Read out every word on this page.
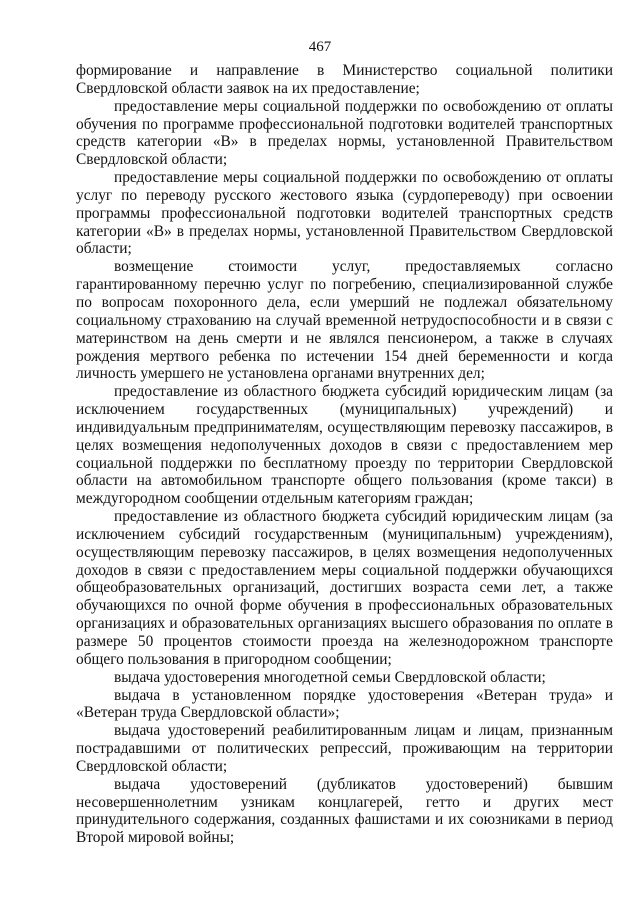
467

формирование и направление в Министерство социальной политики Свердловской области заявок на их предоставление;

предоставление меры социальной поддержки по освобождению от оплаты обучения по программе профессиональной подготовки водителей транспортных средств категории «В» в пределах нормы, установленной Правительством Свердловской области;

предоставление меры социальной поддержки по освобождению от оплаты услуг по переводу русского жестового языка (сурдопереводу) при освоении программы профессиональной подготовки водителей транспортных средств категории «В» в пределах нормы, установленной Правительством Свердловской области;

возмещение стоимости услуг, предоставляемых согласно гарантированному перечню услуг по погребению, специализированной службе по вопросам похоронного дела, если умерший не подлежал обязательному социальному страхованию на случай временной нетрудоспособности и в связи с материнством на день смерти и не являлся пенсионером, а также в случаях рождения мертвого ребенка по истечении 154 дней беременности и когда личность умершего не установлена органами внутренних дел;

предоставление из областного бюджета субсидий юридическим лицам (за исключением государственных (муниципальных) учреждений) и индивидуальным предпринимателям, осуществляющим перевозку пассажиров, в целях возмещения недополученных доходов в связи с предоставлением мер социальной поддержки по бесплатному проезду по территории Свердловской области на автомобильном транспорте общего пользования (кроме такси) в междугородном сообщении отдельным категориям граждан;

предоставление из областного бюджета субсидий юридическим лицам (за исключением субсидий государственным (муниципальным) учреждениям), осуществляющим перевозку пассажиров, в целях возмещения недополученных доходов в связи с предоставлением меры социальной поддержки обучающихся общеобразовательных организаций, достигших возраста семи лет, а также обучающихся по очной форме обучения в профессиональных образовательных организациях и образовательных организациях высшего образования по оплате в размере 50 процентов стоимости проезда на железнодорожном транспорте общего пользования в пригородном сообщении;

выдача удостоверения многодетной семьи Свердловской области;

выдача в установленном порядке удостоверения «Ветеран труда» и «Ветеран труда Свердловской области»;

выдача удостоверений реабилитированным лицам и лицам, признанным пострадавшими от политических репрессий, проживающим на территории Свердловской области;

выдача удостоверений (дубликатов удостоверений) бывшим несовершеннолетним узникам концлагерей, гетто и других мест принудительного содержания, созданных фашистами и их союзниками в период Второй мировой войны;
